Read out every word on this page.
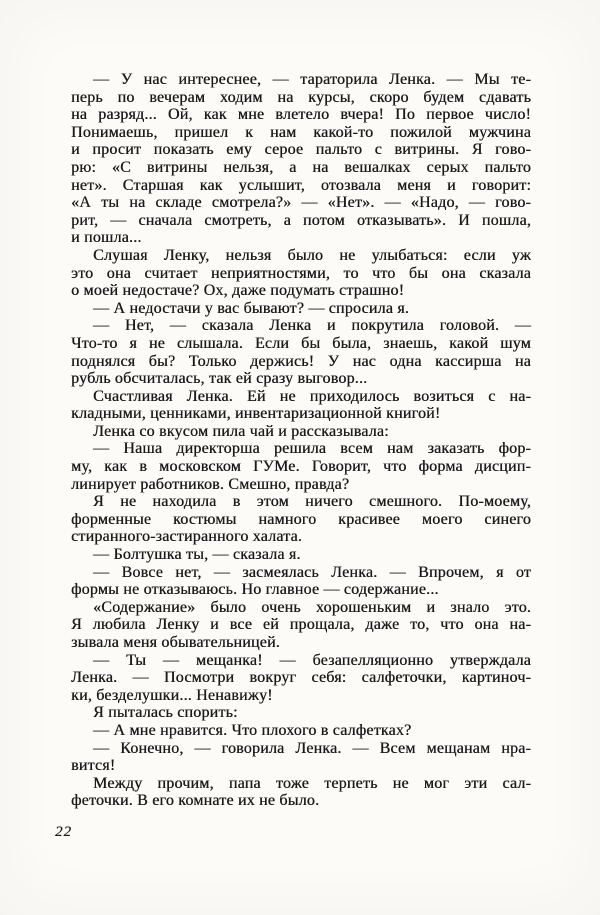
— У нас интереснее, — тараторила Ленка. — Мы те-
перь по вечерам ходим на курсы, скоро будем сдавать
на разряд... Ой, как мне влетело вчера! По первое число!
Понимаешь, пришел к нам какой-то пожилой мужчина
и просит показать ему серое пальто с витрины. Я гово-
рю: «С витрины нельзя, а на вешалках серых пальто
нет». Старшая как услышит, отозвала меня и говорит:
«А ты на складе смотрела?» — «Нет». — «Надо, — гово-
рит, — сначала смотреть, а потом отказывать». И пошла,
и пошла...
Слушая Ленку, нельзя было не улыбаться: если уж
это она считает неприятностями, то что бы она сказала
о моей недостаче? Ох, даже подумать страшно!
— А недостачи у вас бывают? — спросила я.
— Нет, — сказала Ленка и покрутила головой. —
Что-то я не слышала. Если бы была, знаешь, какой шум
поднялся бы? Только держись! У нас одна кассирша на
рубль обсчиталась, так ей сразу выговор...
Счастливая Ленка. Ей не приходилось возиться с на-
кладными, ценниками, инвентаризационной книгой!
Ленка со вкусом пила чай и рассказывала:
— Наша директорша решила всем нам заказать фор-
му, как в московском ГУМе. Говорит, что форма дисцип-
линирует работников. Смешно, правда?
Я не находила в этом ничего смешного. По-моему,
форменные костюмы намного красивее моего синего
стиранного-застиранного халата.
— Болтушка ты, — сказала я.
— Вовсе нет, — засмеялась Ленка. — Впрочем, я от
формы не отказываюсь. Но главное — содержание...
«Содержание» было очень хорошеньким и знало это.
Я любила Ленку и все ей прощала, даже то, что она на-
зывала меня обывательницей.
— Ты — мещанка! — безапелляционно утверждала
Ленка. — Посмотри вокруг себя: салфеточки, картиноч-
ки, безделушки... Ненавижу!
Я пыталась спорить:
— А мне нравится. Что плохого в салфетках?
— Конечно, — говорила Ленка. — Всем мещанам нра-
вится!
Между прочим, папа тоже терпеть не мог эти сал-
феточки. В его комнате их не было.
22
